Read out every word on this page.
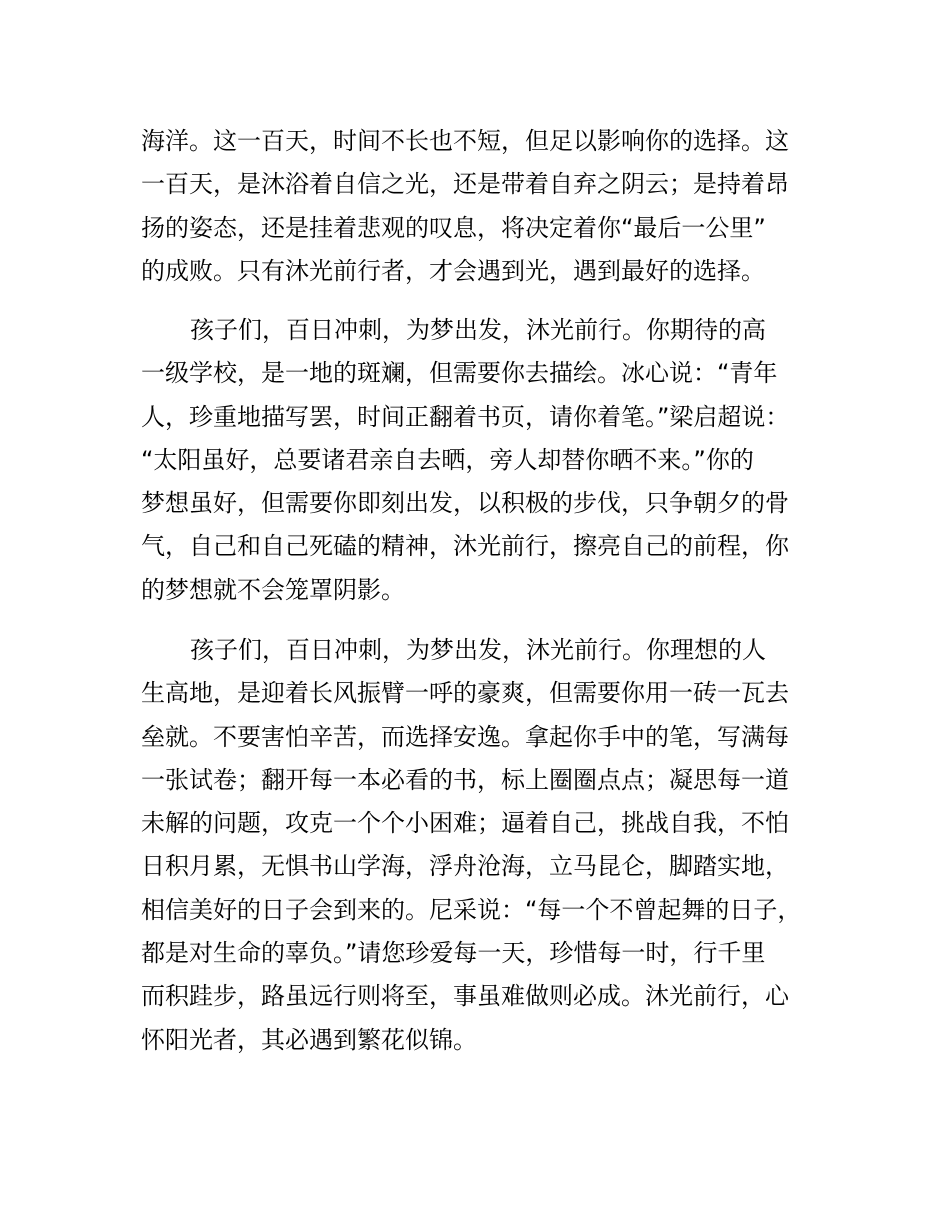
海洋。这一百天，时间不长也不短，但足以影响你的选择。这
一百天，是沐浴着自信之光，还是带着自弃之阴云；是持着昂
扬的姿态，还是挂着悲观的叹息，将决定着你“最后一公里”
的成败。只有沐光前行者，才会遇到光，遇到最好的选择。
孩子们，百日冲刺，为梦出发，沐光前行。你期待的高
一级学校，是一地的斑斓，但需要你去描绘。冰心说：“青年
人，珍重地描写罢，时间正翻着书页，请你着笔。”梁启超说：
“太阳虽好，总要诸君亲自去晒，旁人却替你晒不来。”你的
梦想虽好，但需要你即刻出发，以积极的步伐，只争朝夕的骨
气，自己和自己死磕的精神，沐光前行，擦亮自己的前程，你
的梦想就不会笼罩阴影。
孩子们，百日冲刺，为梦出发，沐光前行。你理想的人
生高地，是迎着长风振臂一呼的豪爽，但需要你用一砖一瓦去
垒就。不要害怕辛苦，而选择安逸。拿起你手中的笔，写满每
一张试卷；翻开每一本必看的书，标上圈圈点点；凝思每一道
未解的问题，攻克一个个小困难；逼着自己，挑战自我，不怕
日积月累，无惧书山学海，浮舟沧海，立马昆仑，脚踏实地，
相信美好的日子会到来的。尼采说：“每一个不曾起舞的日子，
都是对生命的辜负。”请您珍爱每一天，珍惜每一时，行千里
而积跬步，路虽远行则将至，事虽难做则必成。沐光前行，心
怀阳光者，其必遇到繁花似锦。
